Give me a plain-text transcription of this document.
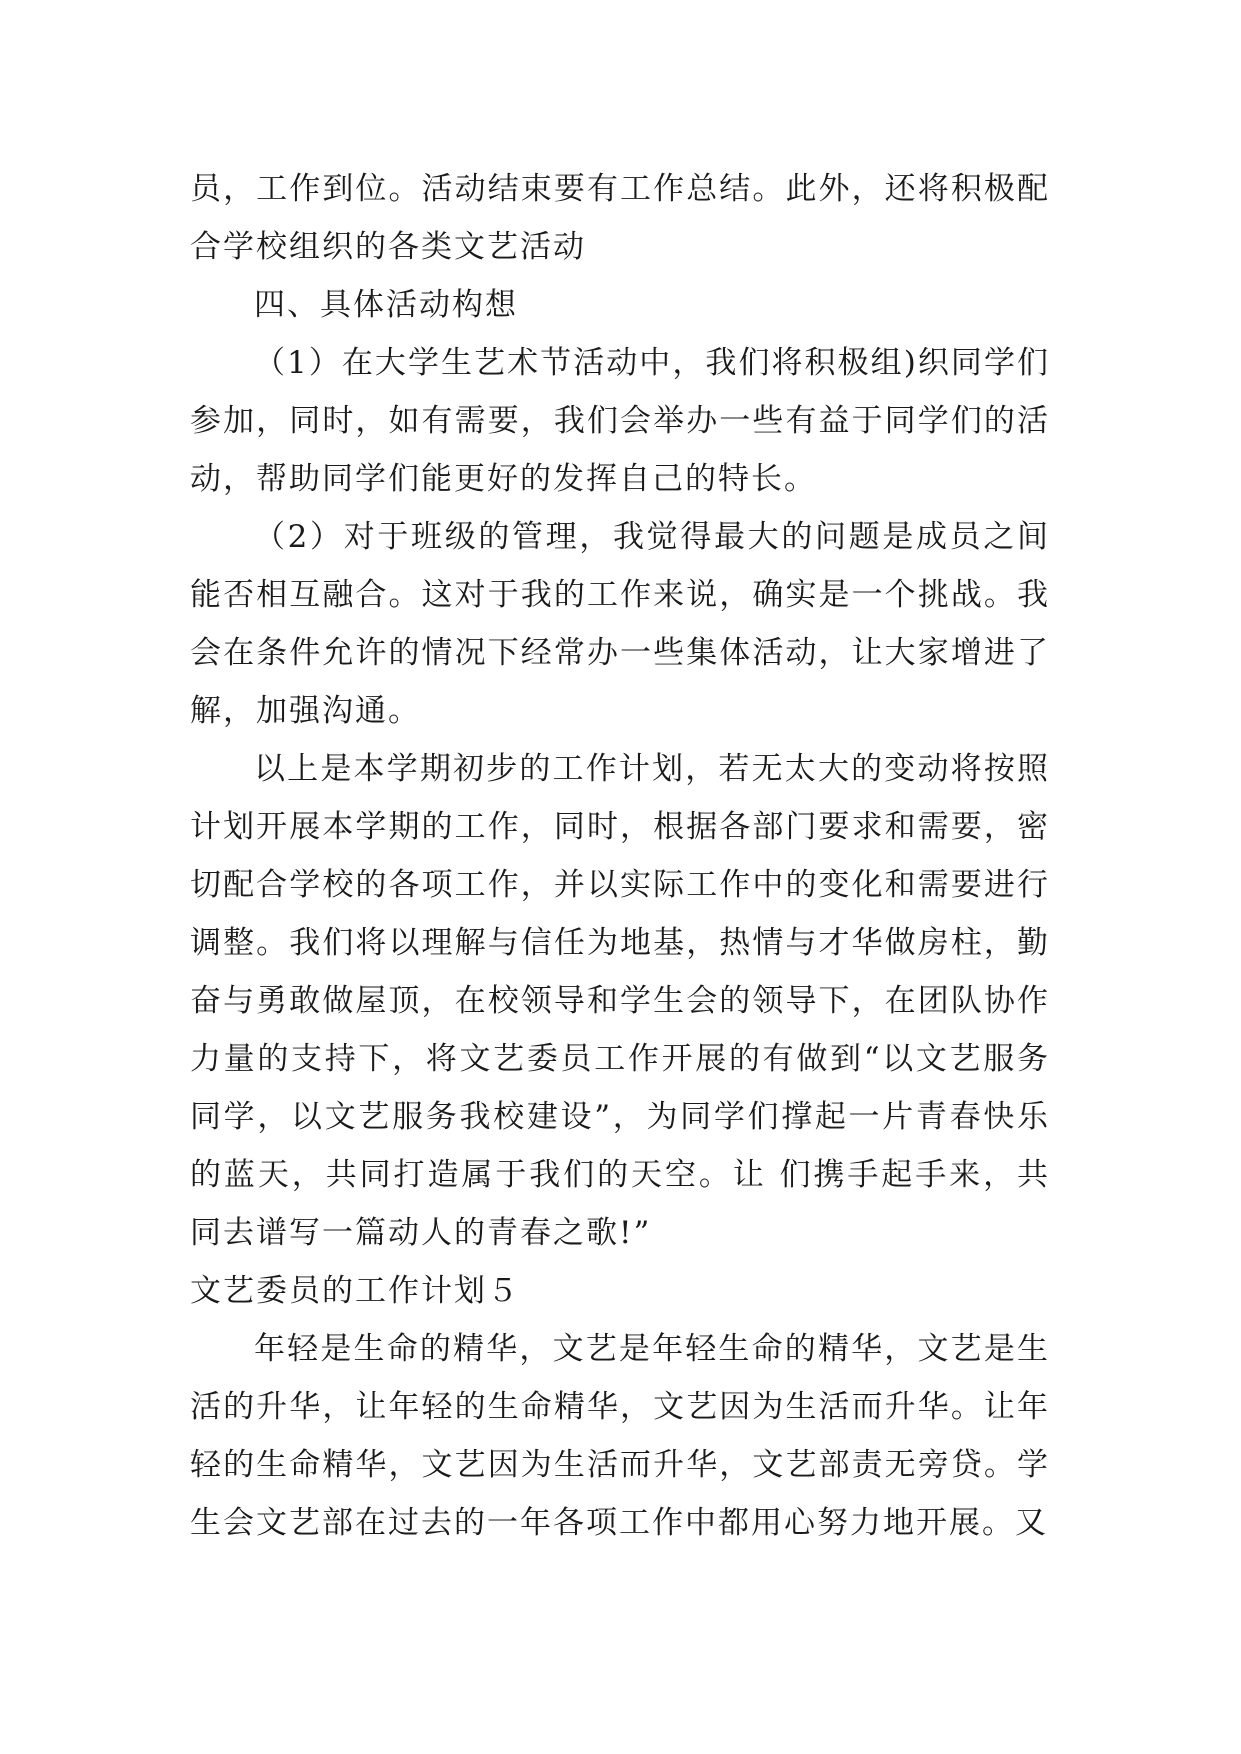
员，工作到位。活动结束要有工作总结。此外，还将积极配合学校组织的各类文艺活动

四、具体活动构想

（1）在大学生艺术节活动中，我们将积极组)织同学们参加，同时，如有需要，我们会举办一些有益于同学们的活动，帮助同学们能更好的发挥自己的特长。

（2）对于班级的管理，我觉得最大的问题是成员之间能否相互融合。这对于我的工作来说，确实是一个挑战。我会在条件允许的情况下经常办一些集体活动，让大家增进了解，加强沟通。

以上是本学期初步的工作计划，若无太大的变动将按照计划开展本学期的工作，同时，根据各部门要求和需要，密切配合学校的各项工作，并以实际工作中的变化和需要进行调整。我们将以理解与信任为地基，热情与才华做房柱，勤奋与勇敢做屋顶，在校领导和学生会的领导下，在团队协作力量的支持下，将文艺委员工作开展的有做到“以文艺服务同学，以文艺服务我校建设”，为同学们撑起一片青春快乐的蓝天，共同打造属于我们的天空。让 们携手起手来，共同去谱写一篇动人的青春之歌!”

文艺委员的工作计划５

年轻是生命的精华，文艺是年轻生命的精华，文艺是生活的升华，让年轻的生命精华，文艺因为生活而升华。让年轻的生命精华，文艺因为生活而升华，文艺部责无旁贷。学生会文艺部在过去的一年各项工作中都用心努力地开展。又
